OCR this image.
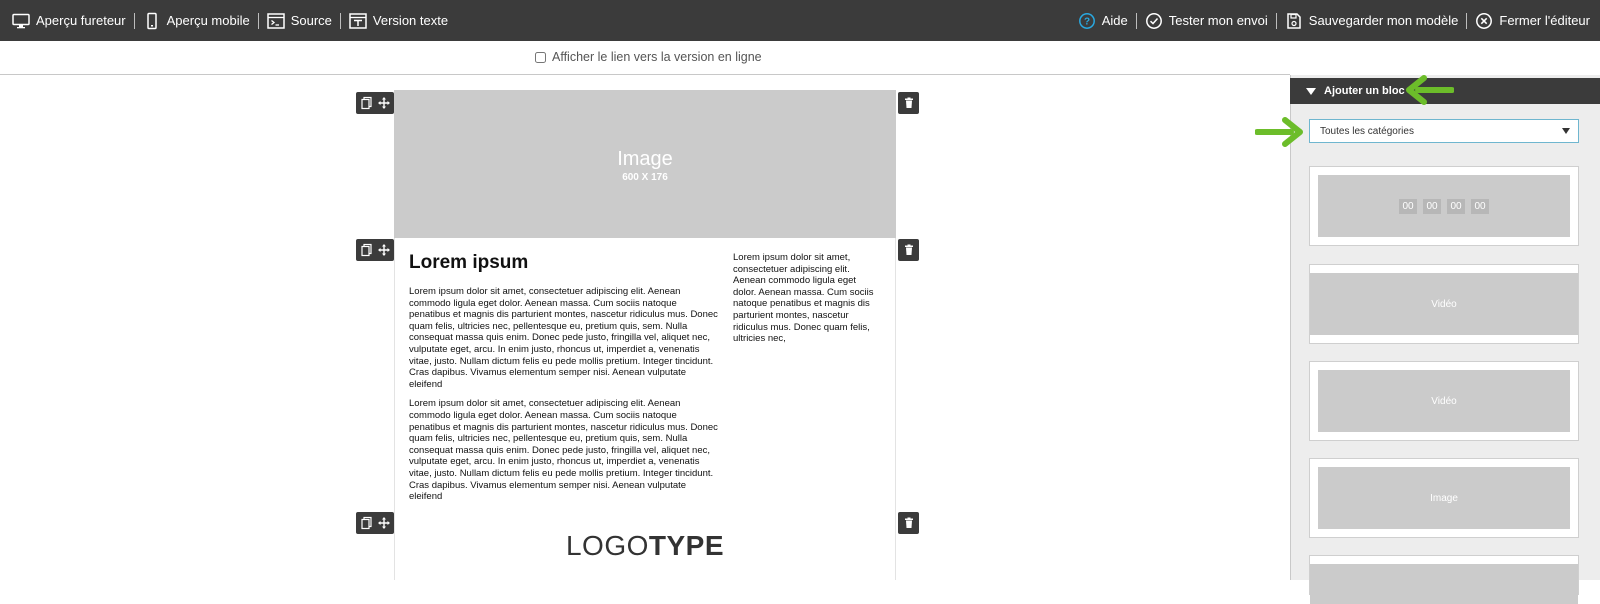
Aperçu fureteur	Aperçu mobile	Source	Version texte	? Aide	Tester mon envoi	Sauvegarder mon modèle	Fermer l'éditeur
Afficher le lien vers la version en ligne
Image
600 X 176
Lorem ipsum

Lorem ipsum dolor sit amet, consectetuer adipiscing elit. Aenean commodo ligula eget dolor. Aenean massa. Cum sociis natoque penatibus et magnis dis parturient montes, nascetur ridiculus mus. Donec quam felis, ultricies nec, pellentesque eu, pretium quis, sem. Nulla consequat massa quis enim. Donec pede justo, fringilla vel, aliquet nec, vulputate eget, arcu. In enim justo, rhoncus ut, imperdiet a, venenatis vitae, justo. Nullam dictum felis eu pede mollis pretium. Integer tincidunt. Cras dapibus. Vivamus elementum semper nisi. Aenean vulputate eleifend

Lorem ipsum dolor sit amet, consectetuer adipiscing elit. Aenean commodo ligula eget dolor. Aenean massa. Cum sociis natoque penatibus et magnis dis parturient montes, nascetur ridiculus mus. Donec quam felis, ultricies nec, pellentesque eu, pretium quis, sem. Nulla consequat massa quis enim. Donec pede justo, fringilla vel, aliquet nec, vulputate eget, arcu. In enim justo, rhoncus ut, imperdiet a, venenatis vitae, justo. Nullam dictum felis eu pede mollis pretium. Integer tincidunt. Cras dapibus. Vivamus elementum semper nisi. Aenean vulputate eleifend

Lorem ipsum dolor sit amet, consectetuer adipiscing elit. Aenean commodo ligula eget dolor. Aenean massa. Cum sociis natoque penatibus et magnis dis parturient montes, nascetur ridiculus mus. Donec quam felis, ultricies nec,
LOGOTYPE
Ajouter un bloc
Toutes les catégories
00	00	00	00
Vidéo
Vidéo
Image
